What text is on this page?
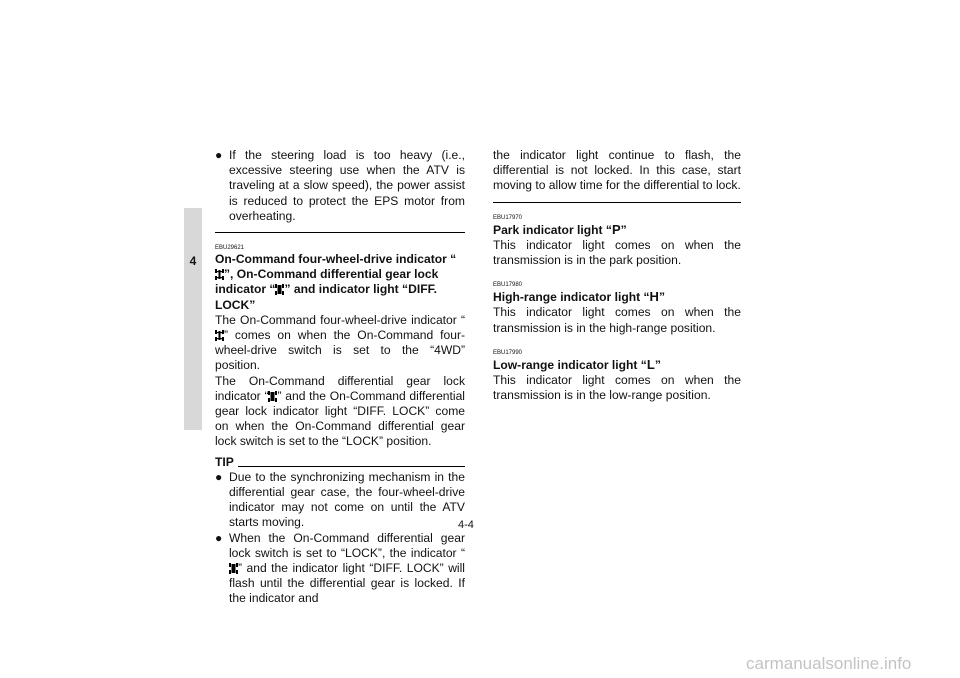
4
● If the steering load is too heavy (i.e., excessive steering use when the ATV is traveling at a slow speed), the power assist is reduced to protect the EPS motor from overheating.

EBU29621
On-Command four-wheel-drive indicator “”, On-Command differential gear lock indicator “ ” and indicator light “DIFF. LOCK”

The On-Command four-wheel-drive indicator “” comes on when the On-Command four-wheel-drive switch is set to the “4WD” position.

The On-Command differential gear lock indicator “ ” and the On-Command differential gear lock indicator light “DIFF. LOCK” come on when the On-Command differential gear lock switch is set to the “LOCK” position.

TIP
● Due to the synchronizing mechanism in the differential gear case, the four-wheel-drive indicator may not come on until the ATV starts moving.

● When the On-Command differential gear lock switch is set to “LOCK”, the indicator “” and the indicator light “DIFF. LOCK” will flash until the differential gear is locked. If the indicator and

the indicator light continue to flash, the differential is not locked. In this case, start moving to allow time for the differential to lock.

EBU17970
Park indicator light “P”

This indicator light comes on when the transmission is in the park position.

EBU17980
High-range indicator light “H”

This indicator light comes on when the transmission is in the high-range position.

EBU17990
Low-range indicator light “L”

This indicator light comes on when the transmission is in the low-range position.

4-4
carmanualsonline.info
